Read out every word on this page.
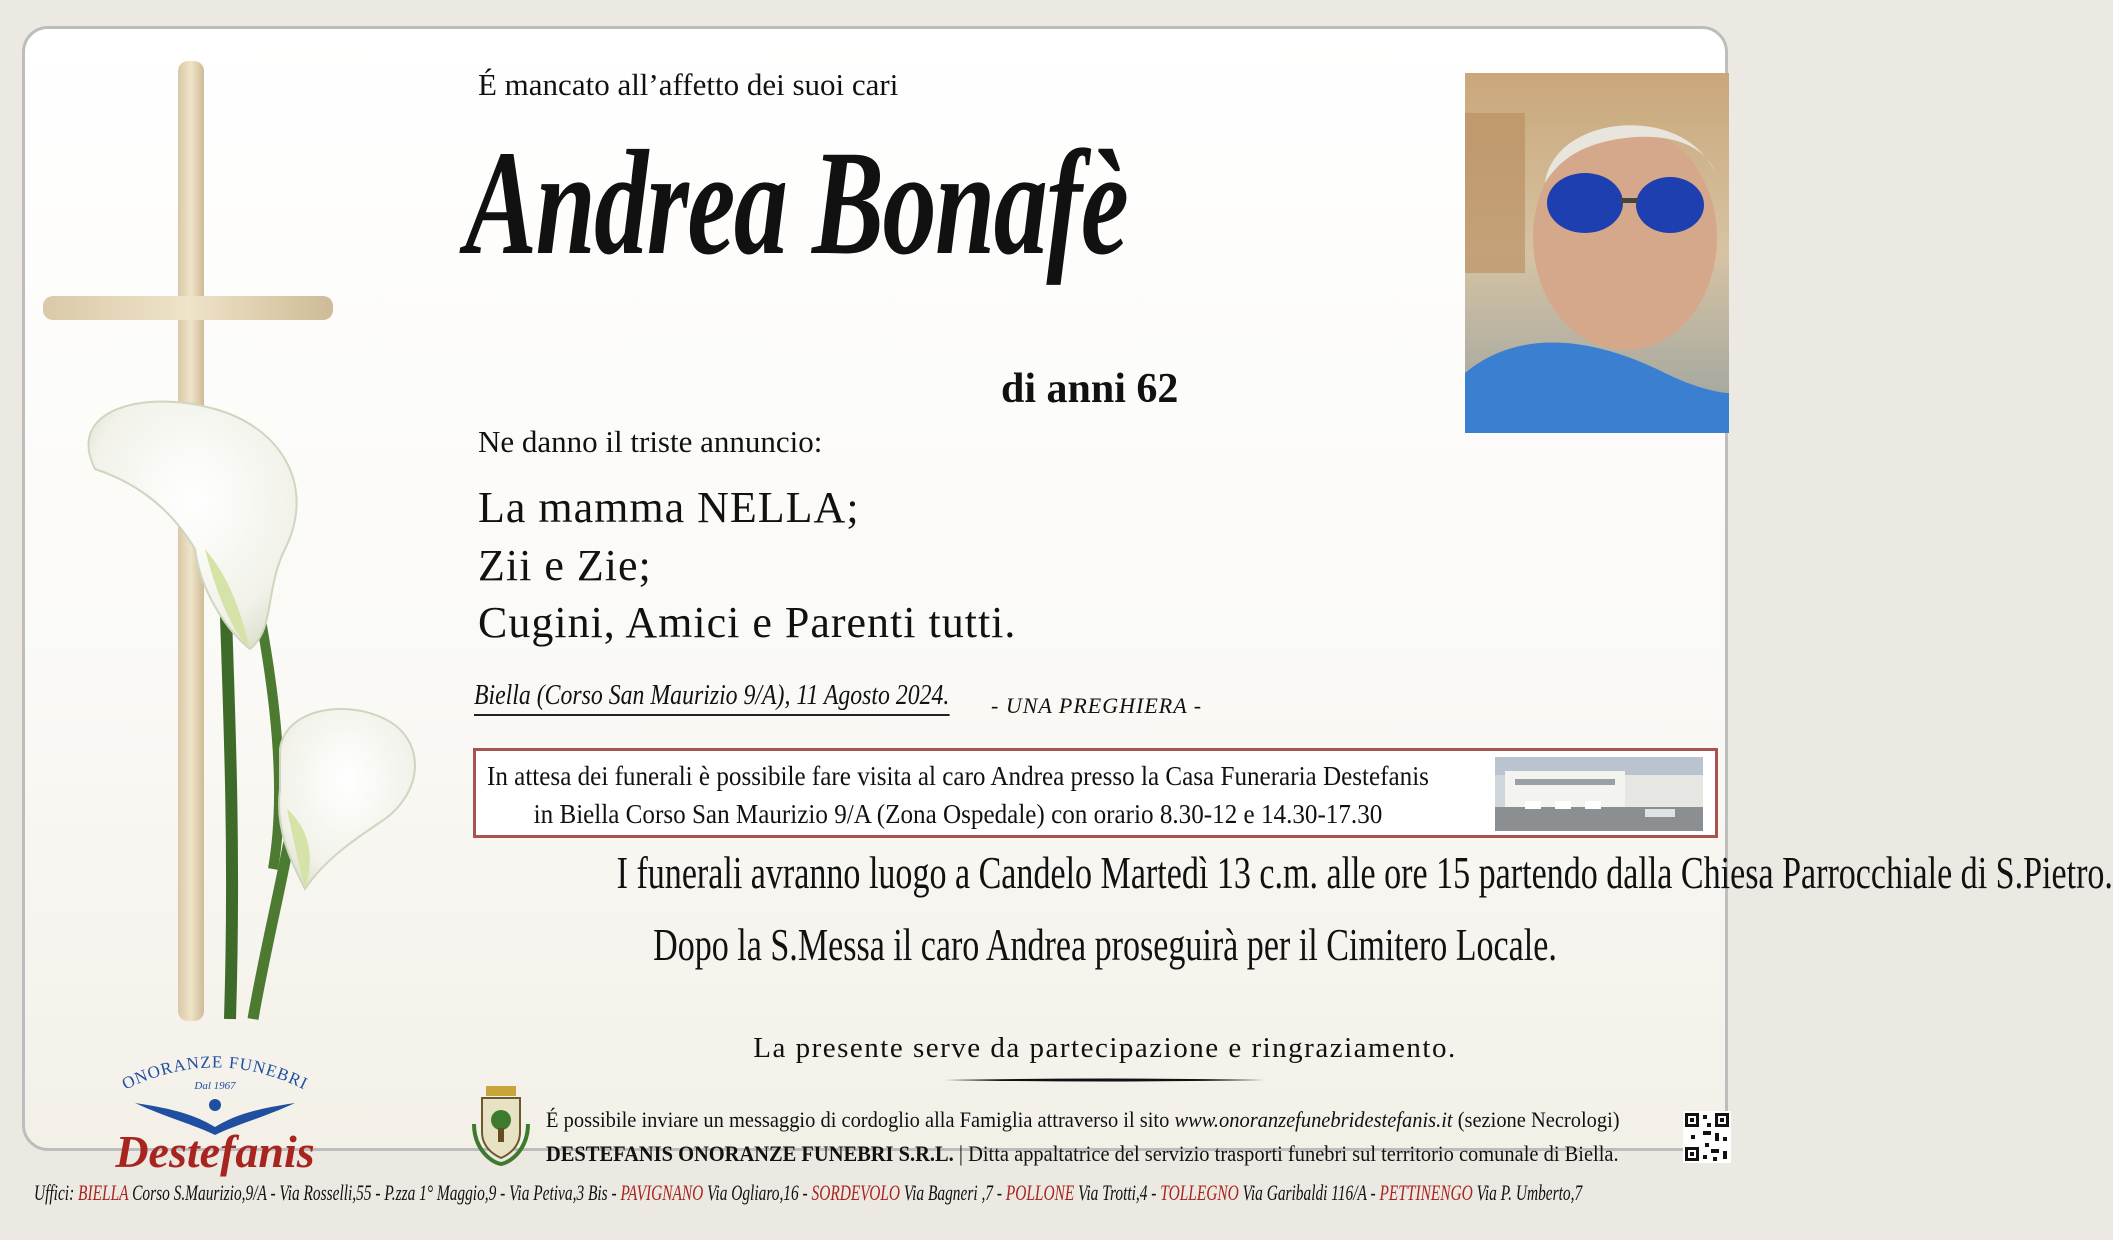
É mancato all’affetto dei suoi cari
Andrea Bonafè
di anni 62
Ne danno il triste annuncio:
La mamma NELLA;
Zii e Zie;
Cugini, Amici e Parenti tutti.
Biella (Corso San Maurizio 9/A), 11 Agosto 2024. - UNA PREGHIERA -
In attesa dei funerali è possibile fare visita al caro Andrea presso la Casa Funeraria Destefanis
in Biella Corso San Maurizio 9/A (Zona Ospedale) con orario 8.30-12 e 14.30-17.30
I funerali avranno luogo a Candelo Martedì 13 c.m. alle ore 15 partendo dalla Chiesa Parrocchiale di S.Pietro.
Dopo la S.Messa il caro Andrea proseguirà per il Cimitero Locale.
La presente serve da partecipazione e ringraziamento.
É possibile inviare un messaggio di cordoglio alla Famiglia attraverso il sito www.onoranzefunebridestefanis.it (sezione Necrologi)
DESTEFANIS ONORANZE FUNEBRI S.R.L. | Ditta appaltatrice del servizio trasporti funebri sul territorio comunale di Biella.
ONORANZE FUNEBRI
Dal 1967
Destefanis
Uffici: BIELLA Corso S.Maurizio,9/A - Via Rosselli,55 - P.zza 1° Maggio,9 - Via Petiva,3 Bis - PAVIGNANO Via Ogliaro,16 - SORDEVOLO Via Bagneri ,7 - POLLONE Via Trotti,4 - TOLLEGNO Via Garibaldi 116/A - PETTINENGO Via P. Umberto,7
